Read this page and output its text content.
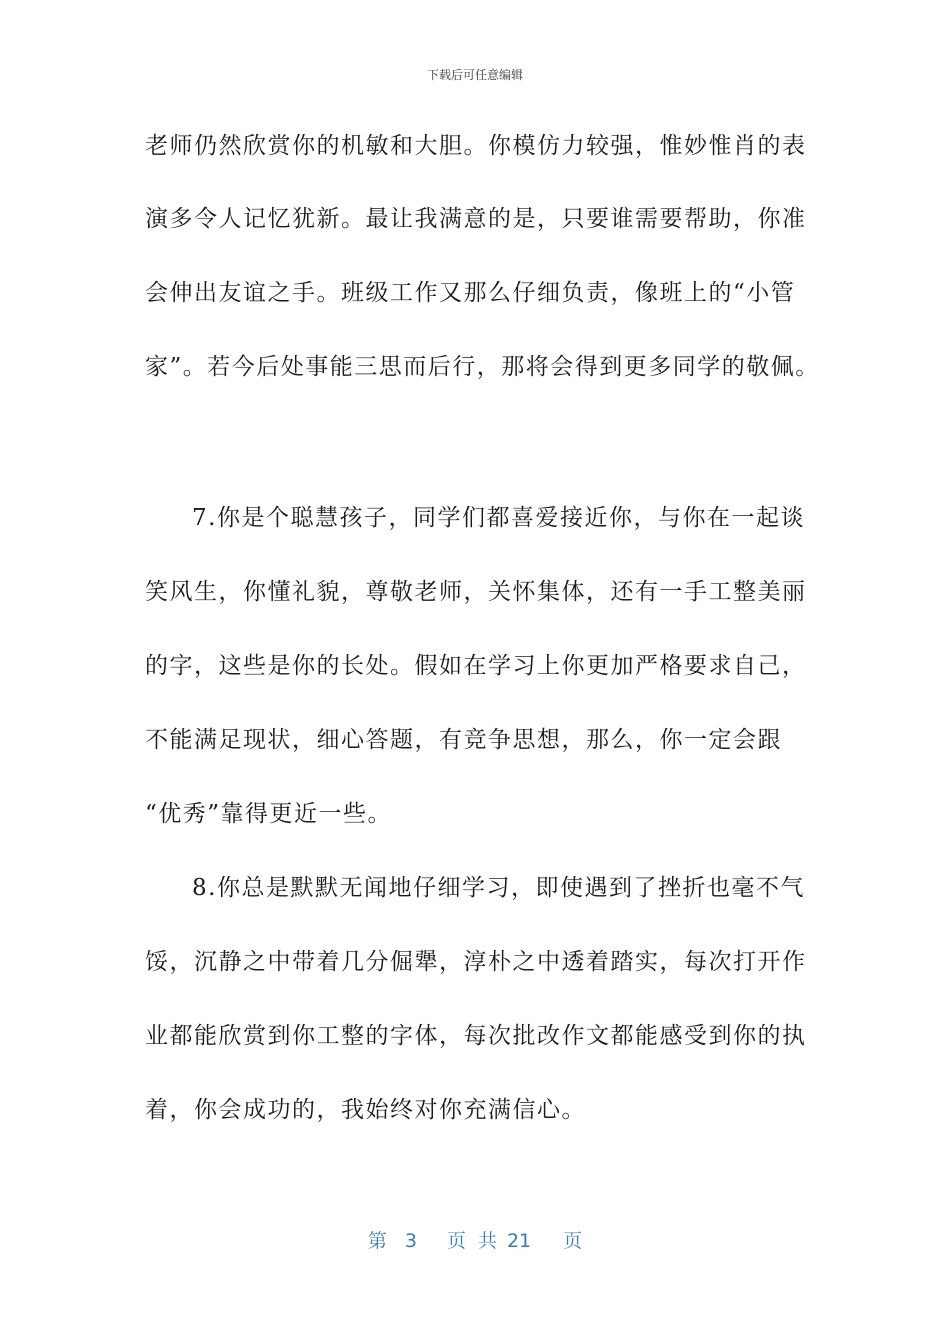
下载后可任意编辑
老师仍然欣赏你的机敏和大胆。你模仿力较强，惟妙惟肖的表
演多令人记忆犹新。最让我满意的是，只要谁需要帮助，你准
会伸出友谊之手。班级工作又那么仔细负责，像班上的“小管
家”。若今后处事能三思而后行，那将会得到更多同学的敬佩。
7.你是个聪慧孩子，同学们都喜爱接近你，与你在一起谈
笑风生，你懂礼貌，尊敬老师，关怀集体，还有一手工整美丽
的字，这些是你的长处。假如在学习上你更加严格要求自己，
不能满足现状，细心答题，有竞争思想，那么，你一定会跟
“优秀”靠得更近一些。
8.你总是默默无闻地仔细学习，即使遇到了挫折也毫不气
馁，沉静之中带着几分倔犟，淳朴之中透着踏实，每次打开作
业都能欣赏到你工整的字体，每次批改作文都能感受到你的执
着，你会成功的，我始终对你充满信心。
第 3 页 共 21 页
